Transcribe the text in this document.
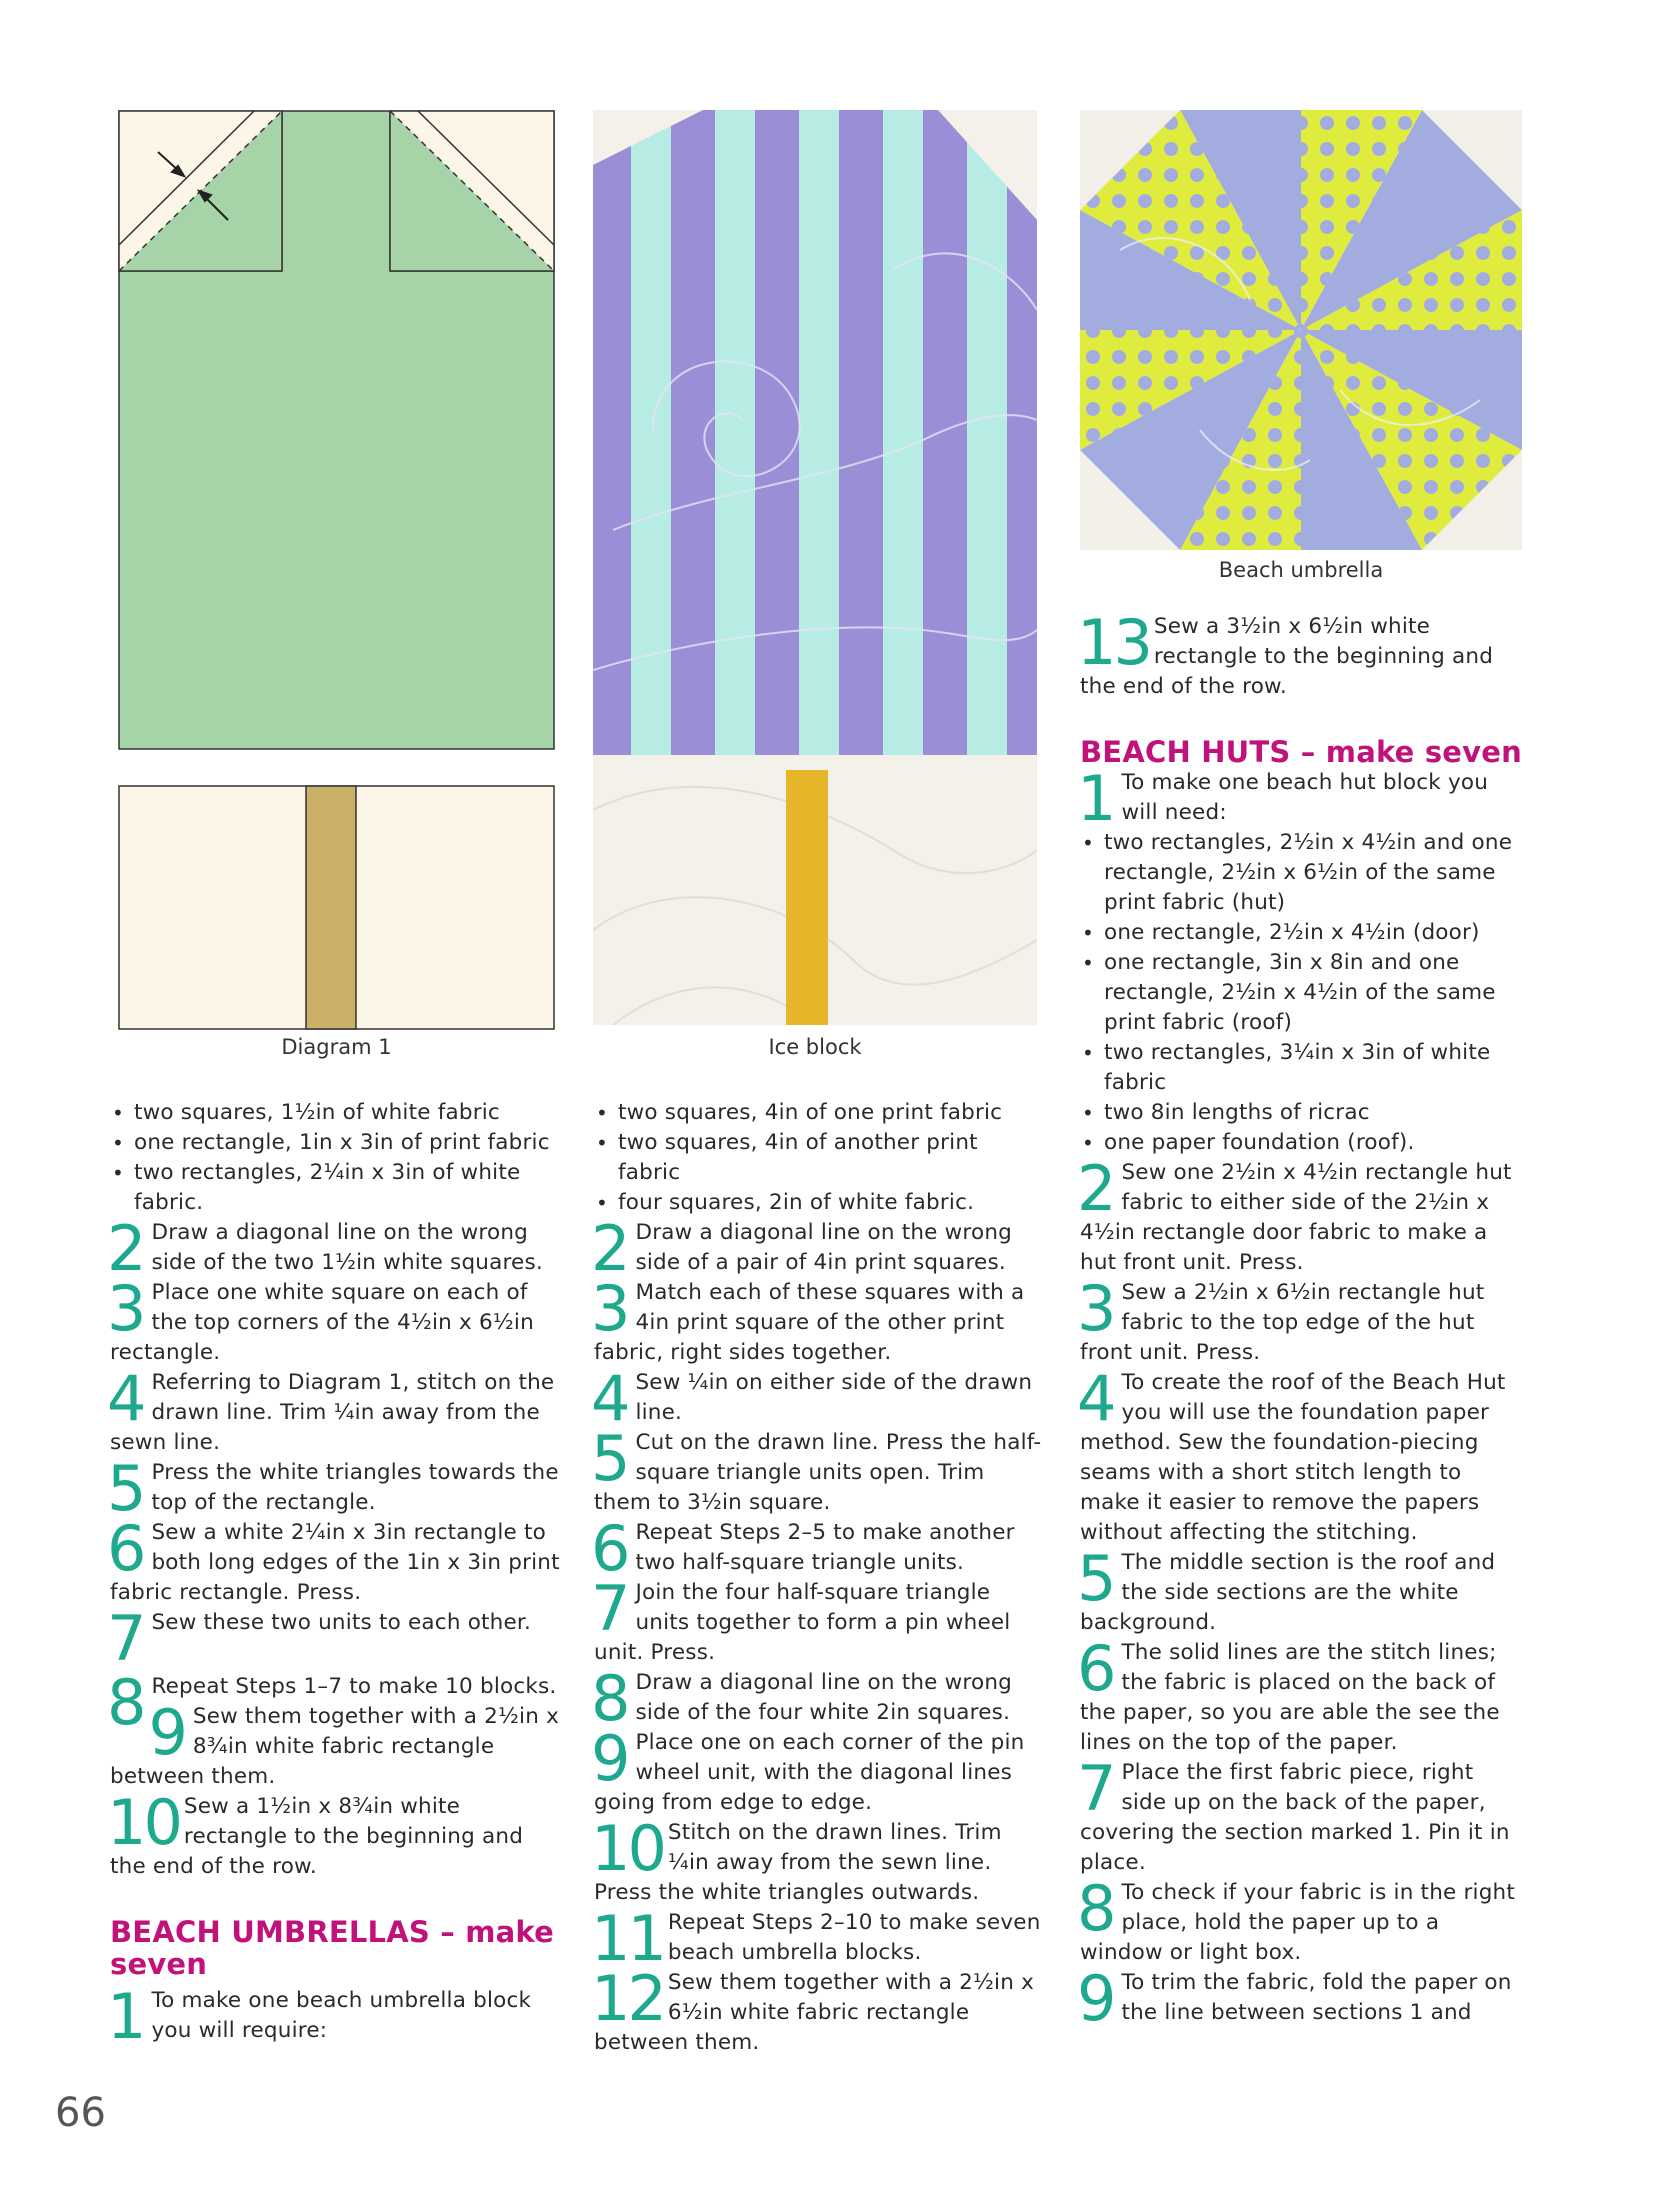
Diagram 1	Ice block
Beach umbrella
• two squares, 1½in of white fabric
• one rectangle, 1in x 3in of print fabric
• two rectangles, 2¼in x 3in of white fabric.
2 Draw a diagonal line on the wrong side of the two 1½in white squares.

3 Place one white square on each of the top corners of the 4½in x 6½in rectangle.

4 Referring to Diagram 1, stitch on the drawn line. Trim ¼in away from the sewn line.

5 Press the white triangles towards the top of the rectangle.

6 Sew a white 2¼in x 3in rectangle to both long edges of the 1in x 3in print fabric rectangle. Press.

7 Sew these two units to each other.

8 Repeat Steps 1–7 to make 10 blocks.

9 Sew them together with a 2½in x 8¾in white fabric rectangle between them.

10 Sew a 1½in x 8¾in white rectangle to the beginning and the end of the row.

BEACH UMBRELLAS – make seven
1 To make one beach umbrella block you will require:

• two squares, 4in of one print fabric
• two squares, 4in of another print fabric
• four squares, 2in of white fabric.
2 Draw a diagonal line on the wrong side of a pair of 4in print squares.

3 Match each of these squares with a 4in print square of the other print fabric, right sides together.

4 Sew ¼in on either side of the drawn line.

5 Cut on the drawn line. Press the half-square triangle units open. Trim them to 3½in square.

6 Repeat Steps 2–5 to make another two half-square triangle units.

7 Join the four half-square triangle units together to form a pin wheel unit. Press.

8 Draw a diagonal line on the wrong side of the four white 2in squares.

9 Place one on each corner of the pin wheel unit, with the diagonal lines going from edge to edge.

10 Stitch on the drawn lines. Trim ¼in away from the sewn line. Press the white triangles outwards.

11 Repeat Steps 2–10 to make seven beach umbrella blocks.

12 Sew them together with a 2½in x 6½in white fabric rectangle between them.

13 Sew a 3½in x 6½in white rectangle to the beginning and the end of the row.

BEACH HUTS – make seven
1 To make one beach hut block you will need:

• two rectangles, 2½in x 4½in and one rectangle, 2½in x 6½in of the same print fabric (hut)
• one rectangle, 2½in x 4½in (door)
• one rectangle, 3in x 8in and one rectangle, 2½in x 4½in of the same print fabric (roof)
• two rectangles, 3¼in x 3in of white fabric
• two 8in lengths of ricrac
• one paper foundation (roof).
2 Sew one 2½in x 4½in rectangle hut fabric to either side of the 2½in x 4½in rectangle door fabric to make a hut front unit. Press.

3 Sew a 2½in x 6½in rectangle hut fabric to the top edge of the hut front unit. Press.

4 To create the roof of the Beach Hut you will use the foundation paper method. Sew the foundation-piecing seams with a short stitch length to make it easier to remove the papers without affecting the stitching.

5 The middle section is the roof and the side sections are the white background.

6 The solid lines are the stitch lines; the fabric is placed on the back of the paper, so you are able the see the lines on the top of the paper.

7 Place the first fabric piece, right side up on the back of the paper, covering the section marked 1. Pin it in place.

8 To check if your fabric is in the right place, hold the paper up to a window or light box.

9 To trim the fabric, fold the paper on the line between sections 1 and

66
